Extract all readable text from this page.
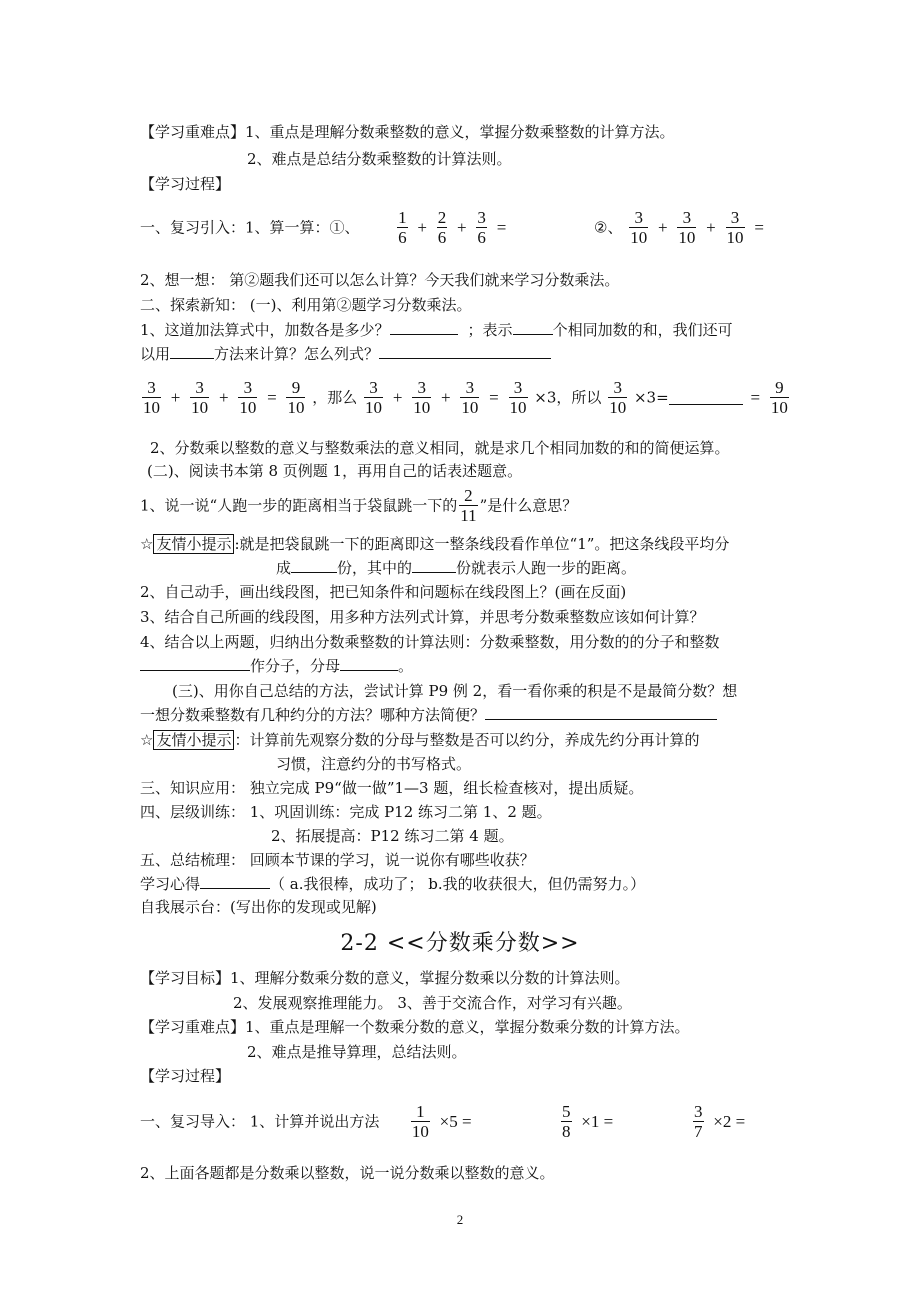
【学习重难点】1、重点是理解分数乘整数的意义，掌握分数乘整数的计算方法。
2、难点是总结分数乘整数的计算法则。
【学习过程】
一、复习引入：1、算一算：①、 $\frac{1}{6} + \frac{2}{6} + \frac{3}{6}$ =	②、 $\frac{3}{10} + \frac{3}{10} + \frac{3}{10}$ =
2、想一想： 第②题我们还可以怎么计算？今天我们就来学习分数乘法。
二、探索新知： (一)、利用第②题学习分数乘法。
1、这道加法算式中，加数各是多少？	；表示	个相同加数的和，我们还可
以用	方法来计算？怎么列式？
$\frac{3}{10} + \frac{3}{10} + \frac{3}{10} = \frac{9}{10}$ ，那么 $\frac{3}{10} + \frac{3}{10} + \frac{3}{10} = \frac{3}{10} \times 3$，所以 $\frac{3}{10} \times 3=$	= $\frac{9}{10}$
2、分数乘以整数的意义与整数乘法的意义相同，就是求几个相同加数的和的简便运算。
(二)、阅读书本第 8 页例题 1，再用自己的话表述题意。
1、说一说“人跑一步的距离相当于袋鼠跳一下的 $\frac{2}{11}$ ”是什么意思？
☆ 友情小提示 :就是把袋鼠跳一下的距离即这一整条线段看作单位“1”。把这条线段平均分
成	份，其中的	份就表示人跑一步的距离。
2、自己动手，画出线段图，把已知条件和问题标在线段图上？(画在反面)
3、结合自己所画的线段图，用多种方法列式计算，并思考分数乘整数应该如何计算？
4、结合以上两题，归纳出分数乘整数的计算法则：分数乘整数，用分数的的分子和整数
作分子，分母	。
(三)、用你自己总结的方法，尝试计算 P9 例 2，看一看你乘的积是不是最简分数？想
一想分数乘整数有几种约分的方法？哪种方法简便？
☆ 友情小提示 ：计算前先观察分数的分母与整数是否可以约分，养成先约分再计算的
习惯，注意约分的书写格式。
三、知识应用： 独立完成 P9“做一做”1—3 题，组长检查核对，提出质疑。
四、层级训练： 1、巩固训练：完成 P12 练习二第 1、2 题。
2、拓展提高：P12 练习二第 4 题。
五、总结梳理： 回顾本节课的学习，说一说你有哪些收获？
学习心得	（ a.我很棒，成功了； b.我的收获很大，但仍需努力。）
自我展示台：(写出你的发现或见解)
2-2 <<分数乘分数>>
【学习目标】1、理解分数乘分数的意义，掌握分数乘以分数的计算法则。
2、发展观察推理能力。 3、善于交流合作，对学习有兴趣。
【学习重难点】1、重点是理解一个数乘分数的意义，掌握分数乘分数的计算方法。
2、难点是推导算理，总结法则。
【学习过程】
一、复习导入： 1、计算并说出方法 $\frac{1}{10} \times 5$ =	$\frac{5}{8} \times 1$ =	$\frac{3}{7} \times 2$ =
2、上面各题都是分数乘以整数，说一说分数乘以整数的意义。
2
